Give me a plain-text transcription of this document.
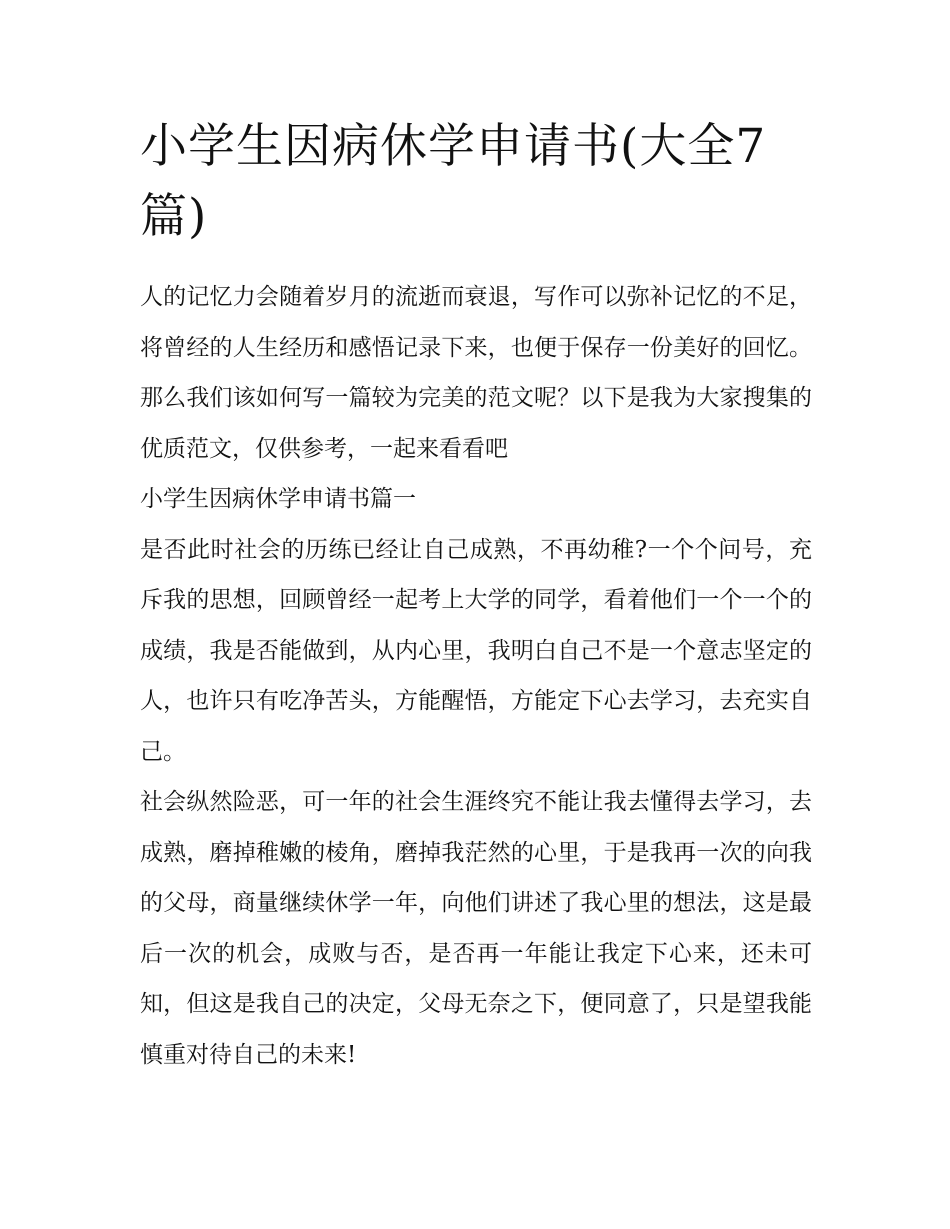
小学生因病休学申请书(大全7篇)

人的记忆力会随着岁月的流逝而衰退，写作可以弥补记忆的不足，将曾经的人生经历和感悟记录下来，也便于保存一份美好的回忆。那么我们该如何写一篇较为完美的范文呢？以下是我为大家搜集的优质范文，仅供参考，一起来看看吧

小学生因病休学申请书篇一

是否此时社会的历练已经让自己成熟，不再幼稚?一个个问号，充斥我的思想，回顾曾经一起考上大学的同学，看着他们一个一个的成绩，我是否能做到，从内心里，我明白自己不是一个意志坚定的人，也许只有吃净苦头，方能醒悟，方能定下心去学习，去充实自己。

社会纵然险恶，可一年的社会生涯终究不能让我去懂得去学习，去成熟，磨掉稚嫩的棱角，磨掉我茫然的心里，于是我再一次的向我的父母，商量继续休学一年，向他们讲述了我心里的想法，这是最后一次的机会，成败与否，是否再一年能让我定下心来，还未可知，但这是我自己的决定，父母无奈之下，便同意了，只是望我能慎重对待自己的未来!
